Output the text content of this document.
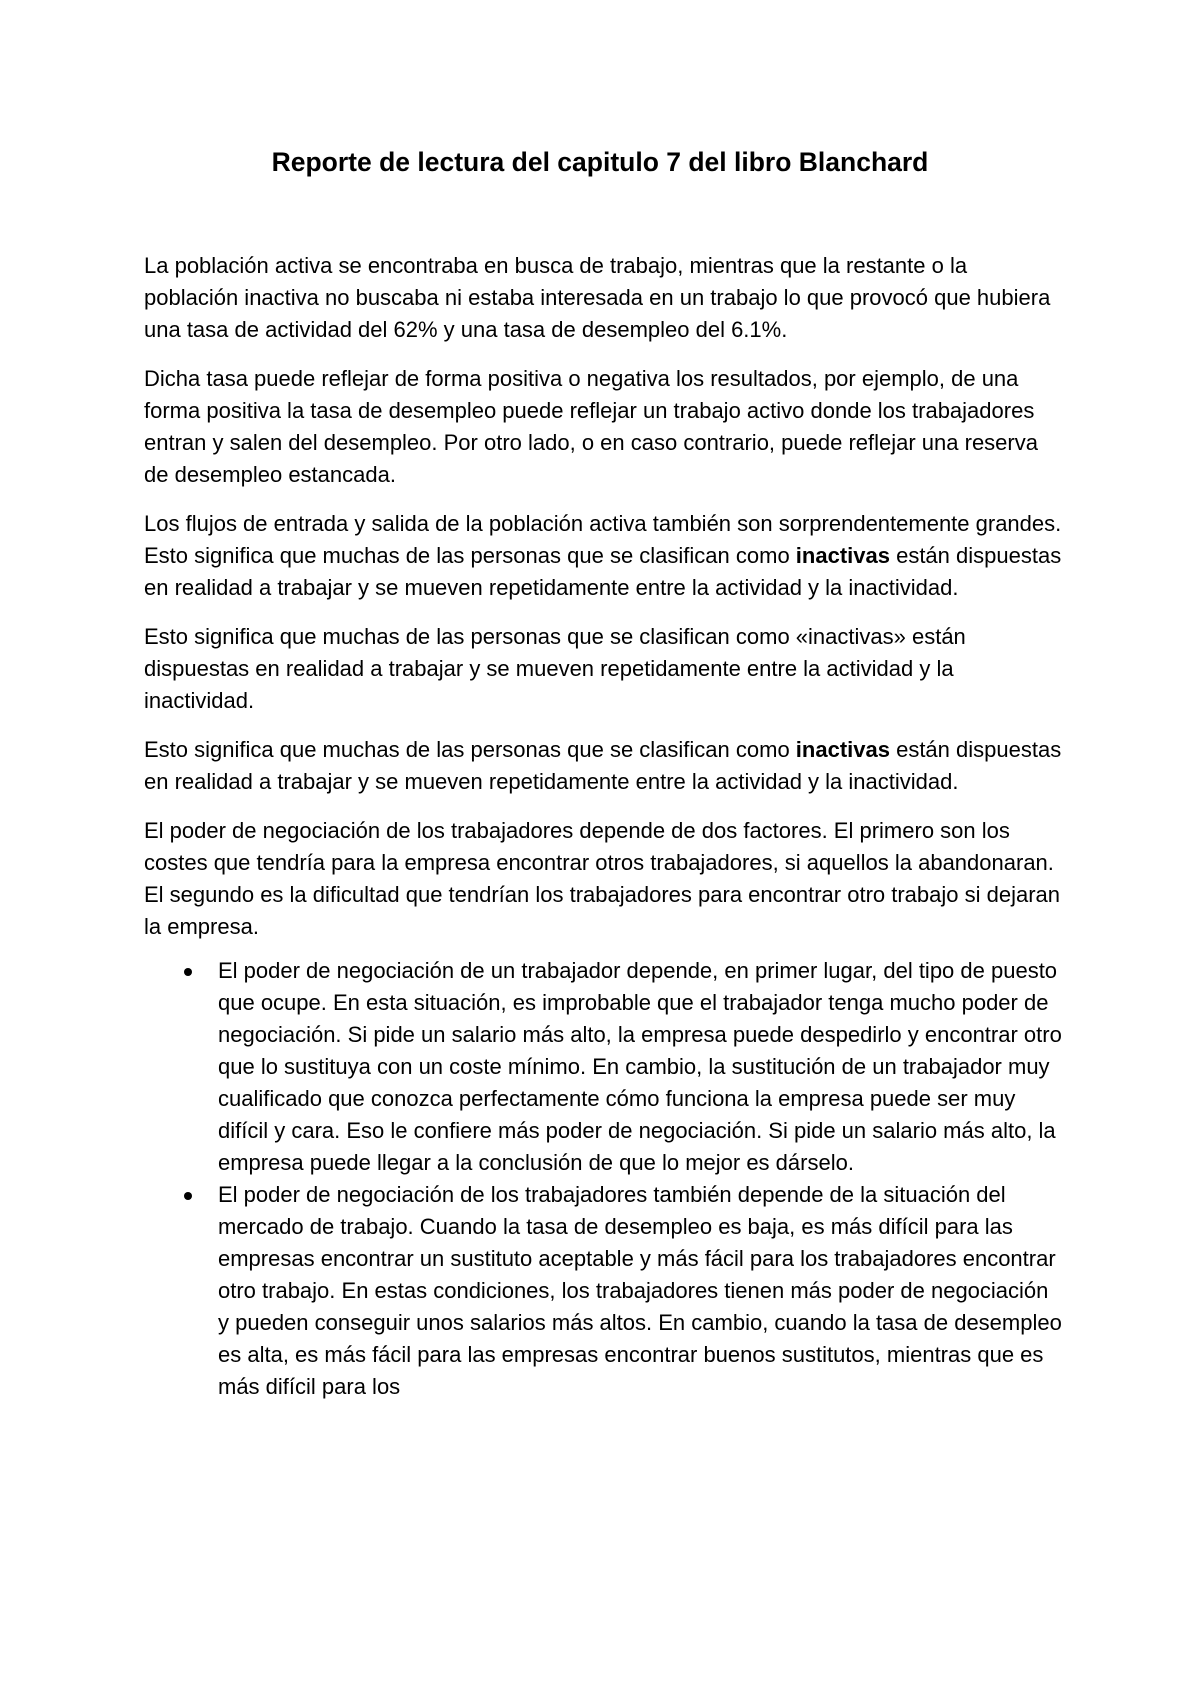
Reporte de lectura del capitulo 7 del libro Blanchard

La población activa se encontraba en busca de trabajo, mientras que la restante o la población inactiva no buscaba ni estaba interesada en un trabajo lo que provocó que hubiera una tasa de actividad del 62% y una tasa de desempleo del 6.1%.

Dicha tasa puede reflejar de forma positiva o negativa los resultados, por ejemplo, de una forma positiva la tasa de desempleo puede reflejar un trabajo activo donde los trabajadores entran y salen del desempleo. Por otro lado, o en caso contrario, puede reflejar una reserva de desempleo estancada.

Los flujos de entrada y salida de la población activa también son sorprendentemente grandes. Esto significa que muchas de las personas que se clasifican como inactivas están dispuestas en realidad a trabajar y se mueven repetidamente entre la actividad y la inactividad.

Esto significa que muchas de las personas que se clasifican como «inactivas» están dispuestas en realidad a trabajar y se mueven repetidamente entre la actividad y la inactividad.

Esto significa que muchas de las personas que se clasifican como inactivas están dispuestas en realidad a trabajar y se mueven repetidamente entre la actividad y la inactividad.

El poder de negociación de los trabajadores depende de dos factores. El primero son los costes que tendría para la empresa encontrar otros trabajadores, si aquellos la abandonaran. El segundo es la dificultad que tendrían los trabajadores para encontrar otro trabajo si dejaran la empresa.

El poder de negociación de un trabajador depende, en primer lugar, del tipo de puesto que ocupe. En esta situación, es improbable que el trabajador tenga mucho poder de negociación. Si pide un salario más alto, la empresa puede despedirlo y encontrar otro que lo sustituya con un coste mínimo. En cambio, la sustitución de un trabajador muy cualificado que conozca perfectamente cómo funciona la empresa puede ser muy difícil y cara. Eso le confiere más poder de negociación. Si pide un salario más alto, la empresa puede llegar a la conclusión de que lo mejor es dárselo.
El poder de negociación de los trabajadores también depende de la situación del mercado de trabajo. Cuando la tasa de desempleo es baja, es más difícil para las empresas encontrar un sustituto aceptable y más fácil para los trabajadores encontrar otro trabajo. En estas condiciones, los trabajadores tienen más poder de negociación y pueden conseguir unos salarios más altos. En cambio, cuando la tasa de desempleo es alta, es más fácil para las empresas encontrar buenos sustitutos, mientras que es más difícil para los
